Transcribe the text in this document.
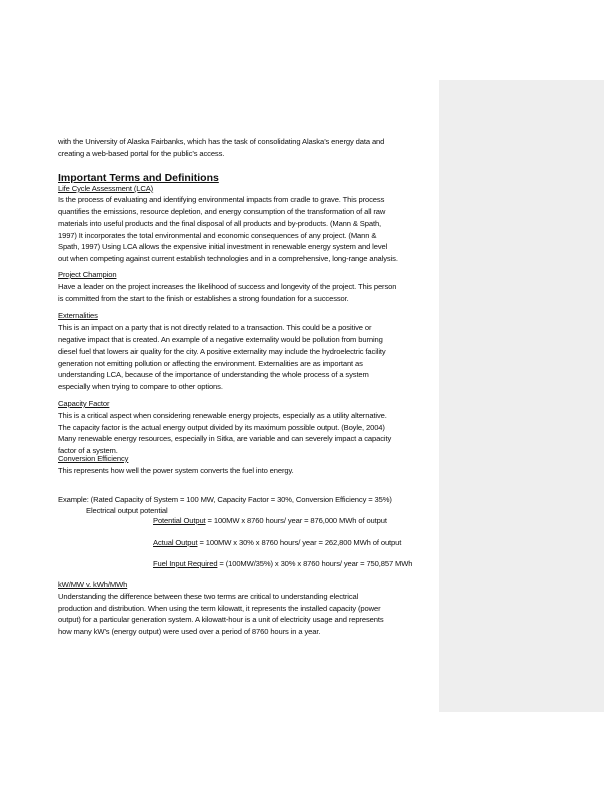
with the University of Alaska Fairbanks, which has the task of consolidating Alaska’s energy data and
creating a web-based portal for the public’s access.
Important Terms and Definitions
Life Cycle Assessment (LCA)
Is the process of evaluating and identifying environmental impacts from cradle to grave. This process
quantifies the emissions, resource depletion, and energy consumption of the transformation of all raw
materials into useful products and the final disposal of all products and by-products. (Mann & Spath,
1997) It incorporates the total environmental and economic consequences of any project. (Mann &
Spath, 1997) Using LCA allows the expensive initial investment in renewable energy system and level
out when competing against current establish technologies and in a comprehensive, long-range analysis.
Project Champion
Have a leader on the project increases the likelihood of success and longevity of the project. This person
is committed from the start to the finish or establishes a strong foundation for a successor.
Externalities
This is an impact on a party that is not directly related to a transaction. This could be a positive or
negative impact that is created. An example of a negative externality would be pollution from burning
diesel fuel that lowers air quality for the city. A positive externality may include the hydroelectric facility
generation not emitting pollution or affecting the environment. Externalities are as important as
understanding LCA, because of the importance of understanding the whole process of a system
especially when trying to compare to other options.
Capacity Factor
This is a critical aspect when considering renewable energy projects, especially as a utility alternative.
The capacity factor is the actual energy output divided by its maximum possible output. (Boyle, 2004)
Many renewable energy resources, especially in Sitka, are variable and can severely impact a capacity
factor of a system.
Conversion Efficiency
This represents how well the power system converts the fuel into energy.
Example: (Rated Capacity of System = 100 MW, Capacity Factor = 30%, Conversion Efficiency = 35%)
Electrical output potential
Potential Output = 100MW x 8760 hours/ year = 876,000 MWh of output
Actual Output = 100MW x 30% x 8760 hours/ year = 262,800 MWh of output
Fuel Input Required = (100MW/35%) x 30% x 8760 hours/ year = 750,857 MWh
kW/MW v. kWh/MWh
Understanding the difference between these two terms are critical to understanding electrical
production and distribution. When using the term kilowatt, it represents the installed capacity (power
output) for a particular generation system. A kilowatt-hour is a unit of electricity usage and represents
how many kW’s (energy output) were used over a period of 8760 hours in a year.
